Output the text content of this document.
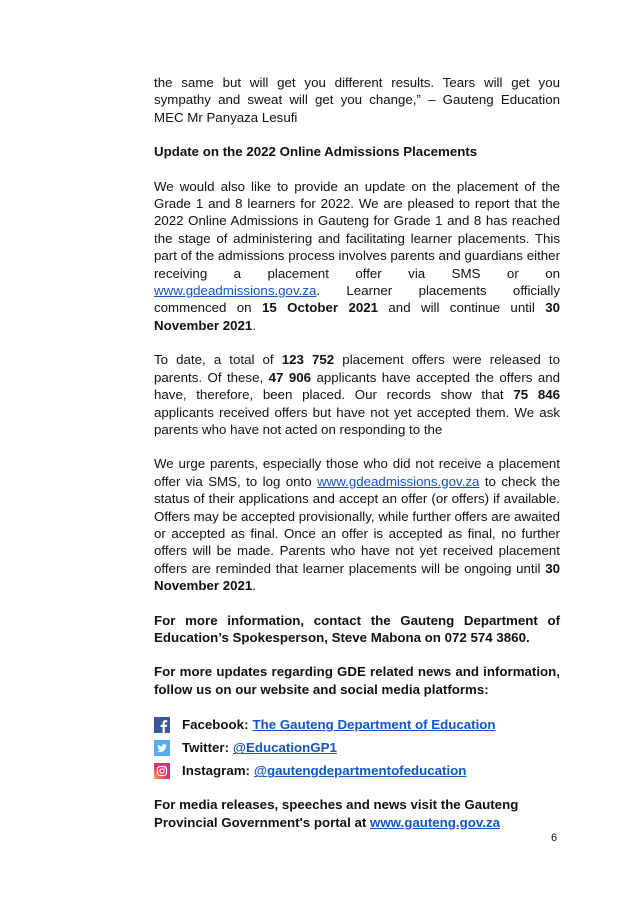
the same but will get you different results. Tears will get you sympathy and sweat will get you change,” – Gauteng Education MEC Mr Panyaza Lesufi

Update on the 2022 Online Admissions Placements

We would also like to provide an update on the placement of the Grade 1 and 8 learners for 2022. We are pleased to report that the 2022 Online Admissions in Gauteng for Grade 1 and 8 has reached the stage of administering and facilitating learner placements. This part of the admissions process involves parents and guardians either receiving a placement offer via SMS or on www.gdeadmissions.gov.za. Learner placements officially commenced on 15 October 2021 and will continue until 30 November 2021.

To date, a total of 123 752 placement offers were released to parents. Of these, 47 906 applicants have accepted the offers and have, therefore, been placed. Our records show that 75 846 applicants received offers but have not yet accepted them. We ask parents who have not acted on responding to the

We urge parents, especially those who did not receive a placement offer via SMS, to log onto www.gdeadmissions.gov.za to check the status of their applications and accept an offer (or offers) if available. Offers may be accepted provisionally, while further offers are awaited or accepted as final. Once an offer is accepted as final, no further offers will be made. Parents who have not yet received placement offers are reminded that learner placements will be ongoing until 30 November 2021.

For more information, contact the Gauteng Department of Education’s Spokesperson, Steve Mabona on 072 574 3860.

For more updates regarding GDE related news and information, follow us on our website and social media platforms:

Facebook: The Gauteng Department of Education
Twitter: @EducationGP1
Instagram: @gautengdepartmentofeducation

For media releases, speeches and news visit the Gauteng Provincial Government's portal at www.gauteng.gov.za

6
